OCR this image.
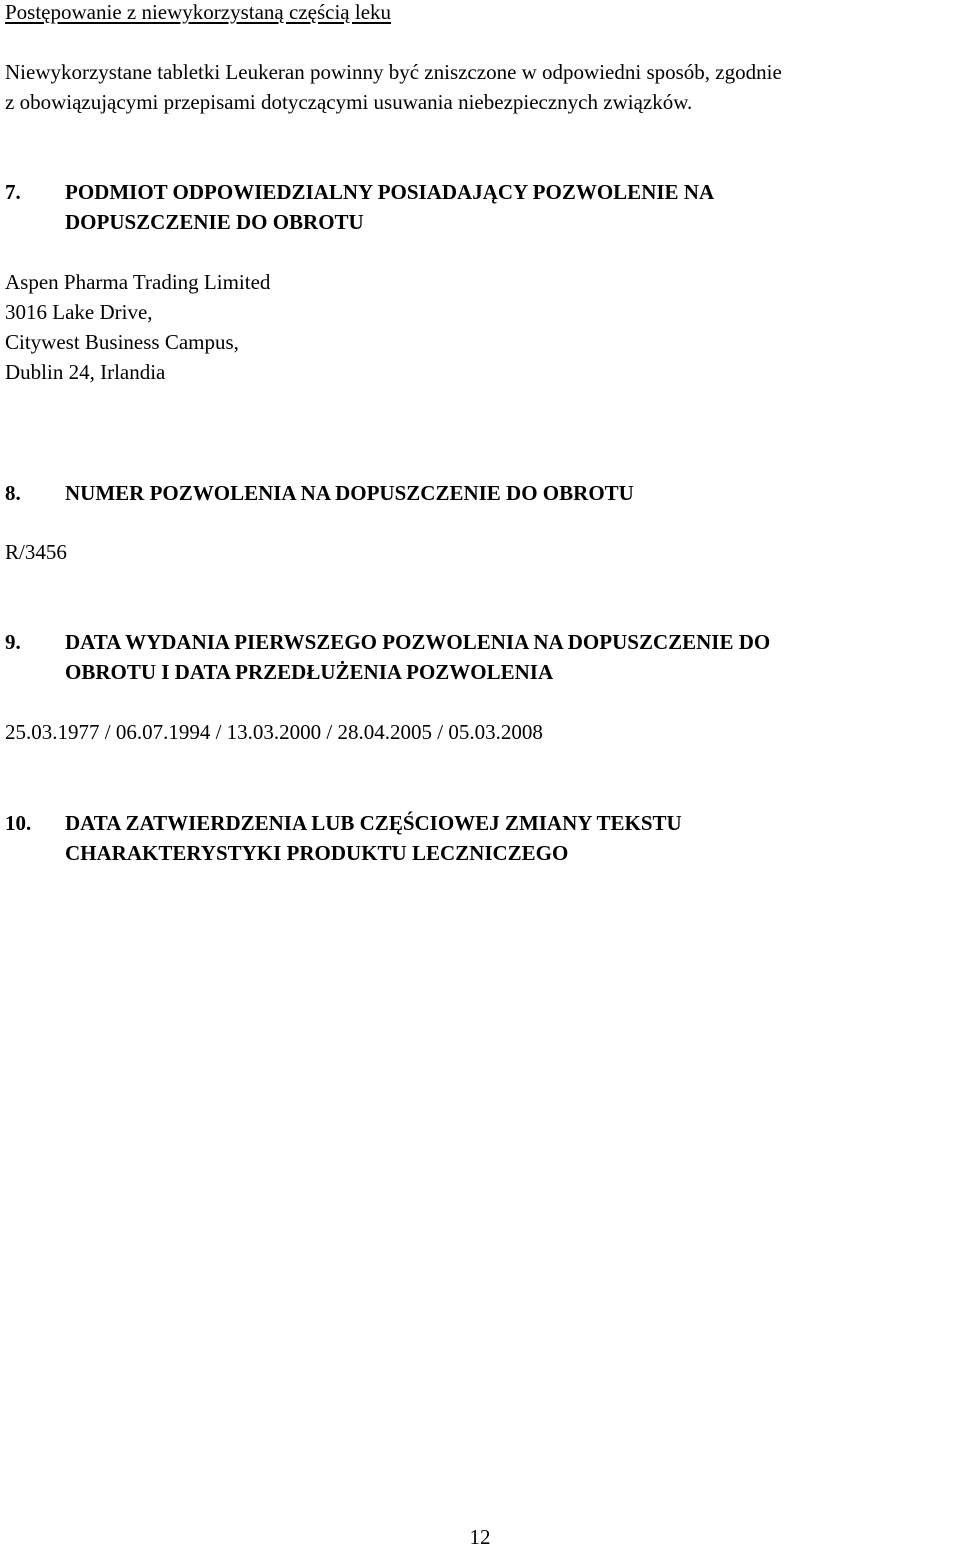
Postępowanie z niewykorzystaną częścią leku
Niewykorzystane tabletki Leukeran powinny być zniszczone w odpowiedni sposób, zgodnie
z obowiązującymi przepisami dotyczącymi usuwania niebezpiecznych związków.
7. PODMIOT ODPOWIEDZIALNY POSIADAJĄCY POZWOLENIE NA
DOPUSZCZENIE DO OBROTU
Aspen Pharma Trading Limited
3016 Lake Drive,
Citywest Business Campus,
Dublin 24, Irlandia
8. NUMER POZWOLENIA NA DOPUSZCZENIE DO OBROTU
R/3456
9. DATA WYDANIA PIERWSZEGO POZWOLENIA NA DOPUSZCZENIE DO
OBROTU I DATA PRZEDŁUŻENIA POZWOLENIA
25.03.1977 / 06.07.1994 / 13.03.2000 / 28.04.2005 / 05.03.2008
10. DATA ZATWIERDZENIA LUB CZĘŚCIOWEJ ZMIANY TEKSTU
CHARAKTERYSTYKI PRODUKTU LECZNICZEGO
12
